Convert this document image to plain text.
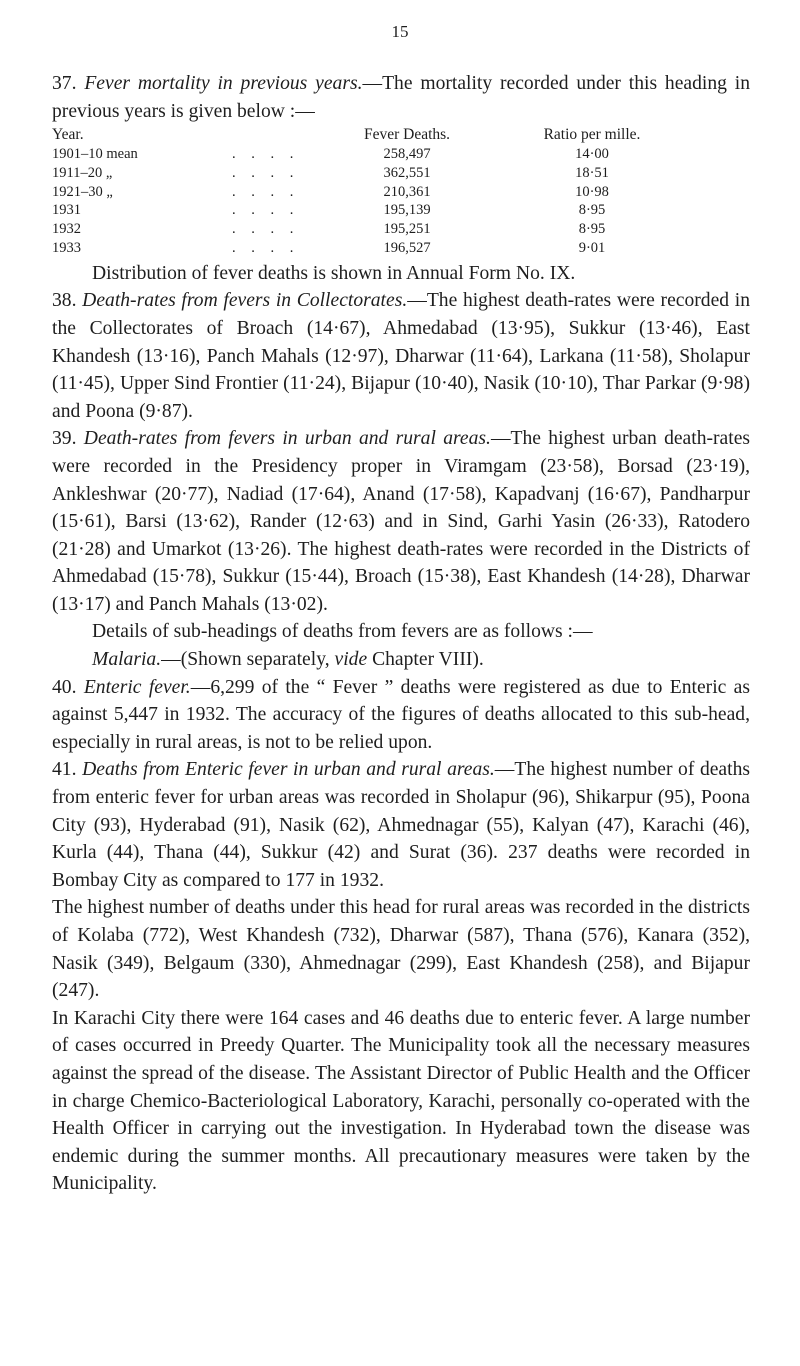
15

37. Fever mortality in previous years.—The mortality recorded under this heading in previous years is given below :—

Year.		Fever Deaths.	Ratio per mille.
1901–10 mean	. . . .	258,497	14·00
1911–20 „	. . . .	362,551	18·51
1921–30 „	. . . .	210,361	10·98
1931	. . . .	195,139	8·95
1932	. . . .	195,251	8·95
1933	. . . .	196,527	9·01

Distribution of fever deaths is shown in Annual Form No. IX.

38. Death-rates from fevers in Collectorates.—The highest death-rates were recorded in the Collectorates of Broach (14·67), Ahmedabad (13·95), Sukkur (13·46), East Khandesh (13·16), Panch Mahals (12·97), Dharwar (11·64), Larkana (11·58), Sholapur (11·45), Upper Sind Frontier (11·24), Bijapur (10·40), Nasik (10·10), Thar Parkar (9·98) and Poona (9·87).

39. Death-rates from fevers in urban and rural areas.—The highest urban death-rates were recorded in the Presidency proper in Viramgam (23·58), Borsad (23·19), Ankleshwar (20·77), Nadiad (17·64), Anand (17·58), Kapadvanj (16·67), Pandharpur (15·61), Barsi (13·62), Rander (12·63) and in Sind, Garhi Yasin (26·33), Ratodero (21·28) and Umarkot (13·26). The highest death-rates were recorded in the Districts of Ahmedabad (15·78), Sukkur (15·44), Broach (15·38), East Khandesh (14·28), Dharwar (13·17) and Panch Mahals (13·02).

Details of sub-headings of deaths from fevers are as follows :—

Malaria.—(Shown separately, vide Chapter VIII).

40. Enteric fever.—6,299 of the “ Fever ” deaths were registered as due to Enteric as against 5,447 in 1932. The accuracy of the figures of deaths allocated to this sub-head, especially in rural areas, is not to be relied upon.

41. Deaths from Enteric fever in urban and rural areas.—The highest number of deaths from enteric fever for urban areas was recorded in Sholapur (96), Shikarpur (95), Poona City (93), Hyderabad (91), Nasik (62), Ahmednagar (55), Kalyan (47), Karachi (46), Kurla (44), Thana (44), Sukkur (42) and Surat (36). 237 deaths were recorded in Bombay City as compared to 177 in 1932.

The highest number of deaths under this head for rural areas was recorded in the districts of Kolaba (772), West Khandesh (732), Dharwar (587), Thana (576), Kanara (352), Nasik (349), Belgaum (330), Ahmednagar (299), East Khandesh (258), and Bijapur (247).

In Karachi City there were 164 cases and 46 deaths due to enteric fever. A large number of cases occurred in Preedy Quarter. The Municipality took all the necessary measures against the spread of the disease. The Assistant Director of Public Health and the Officer in charge Chemico-Bacteriological Laboratory, Karachi, personally co-operated with the Health Officer in carrying out the investigation. In Hyderabad town the disease was endemic during the summer months. All precautionary measures were taken by the Municipality.
